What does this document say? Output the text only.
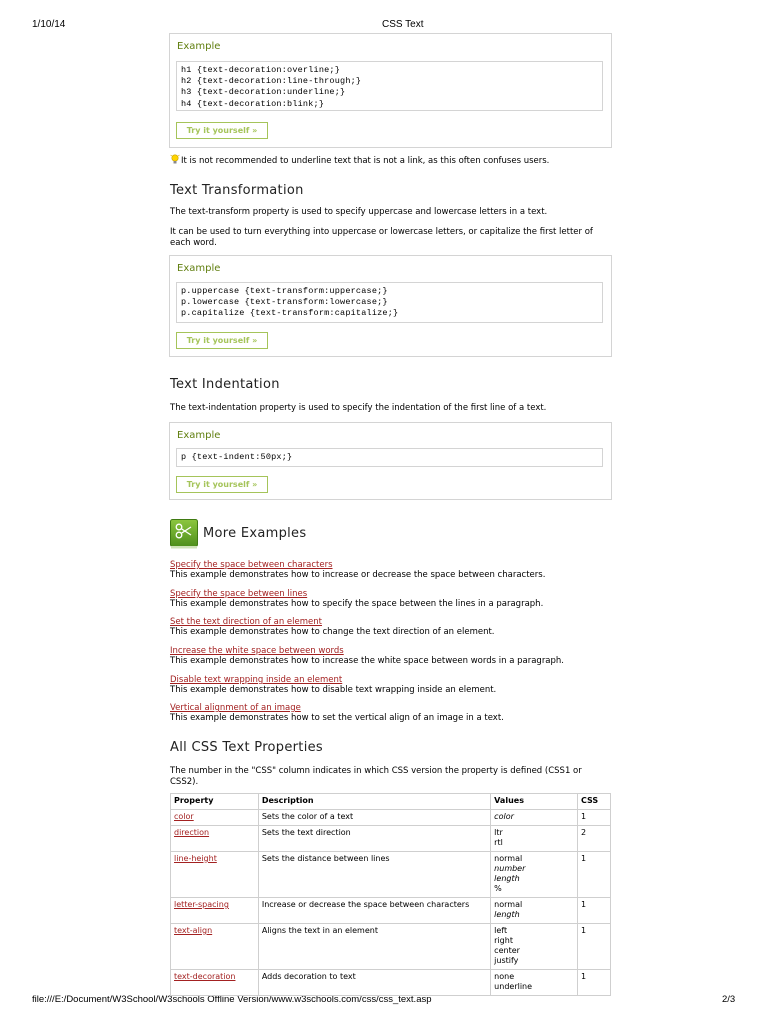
1/10/14	CSS Text
file:///E:/Document/W3School/W3schools Offline Version/www.w3schools.com/css/css_text.asp	2/3
Example
h1 {text-decoration:overline;}
h2 {text-decoration:line-through;}
h3 {text-decoration:underline;}
h4 {text-decoration:blink;}
Try it yourself »
It is not recommended to underline text that is not a link, as this often confuses users.
Text Transformation
The text-transform property is used to specify uppercase and lowercase letters in a text.
It can be used to turn everything into uppercase or lowercase letters, or capitalize the first letter of each word.
Example
p.uppercase {text-transform:uppercase;}
p.lowercase {text-transform:lowercase;}
p.capitalize {text-transform:capitalize;}
Try it yourself »
Text Indentation
The text-indentation property is used to specify the indentation of the first line of a text.
Example
p {text-indent:50px;}
Try it yourself »
More Examples
Specify the space between characters
This example demonstrates how to increase or decrease the space between characters.
Specify the space between lines
This example demonstrates how to specify the space between the lines in a paragraph.
Set the text direction of an element
This example demonstrates how to change the text direction of an element.
Increase the white space between words
This example demonstrates how to increase the white space between words in a paragraph.
Disable text wrapping inside an element
This example demonstrates how to disable text wrapping inside an element.
Vertical alignment of an image
This example demonstrates how to set the vertical align of an image in a text.
All CSS Text Properties
The number in the "CSS" column indicates in which CSS version the property is defined (CSS1 or CSS2).
Property	Description	Values	CSS
color	Sets the color of a text	color	1
direction	Sets the text direction	ltr
rtl	2
line-height	Sets the distance between lines	normal
number
length
%	1
letter-spacing	Increase or decrease the space between characters	normal
length	1
text-align	Aligns the text in an element	left
right
center
justify	1
text-decoration	Adds decoration to text	none
underline	1
